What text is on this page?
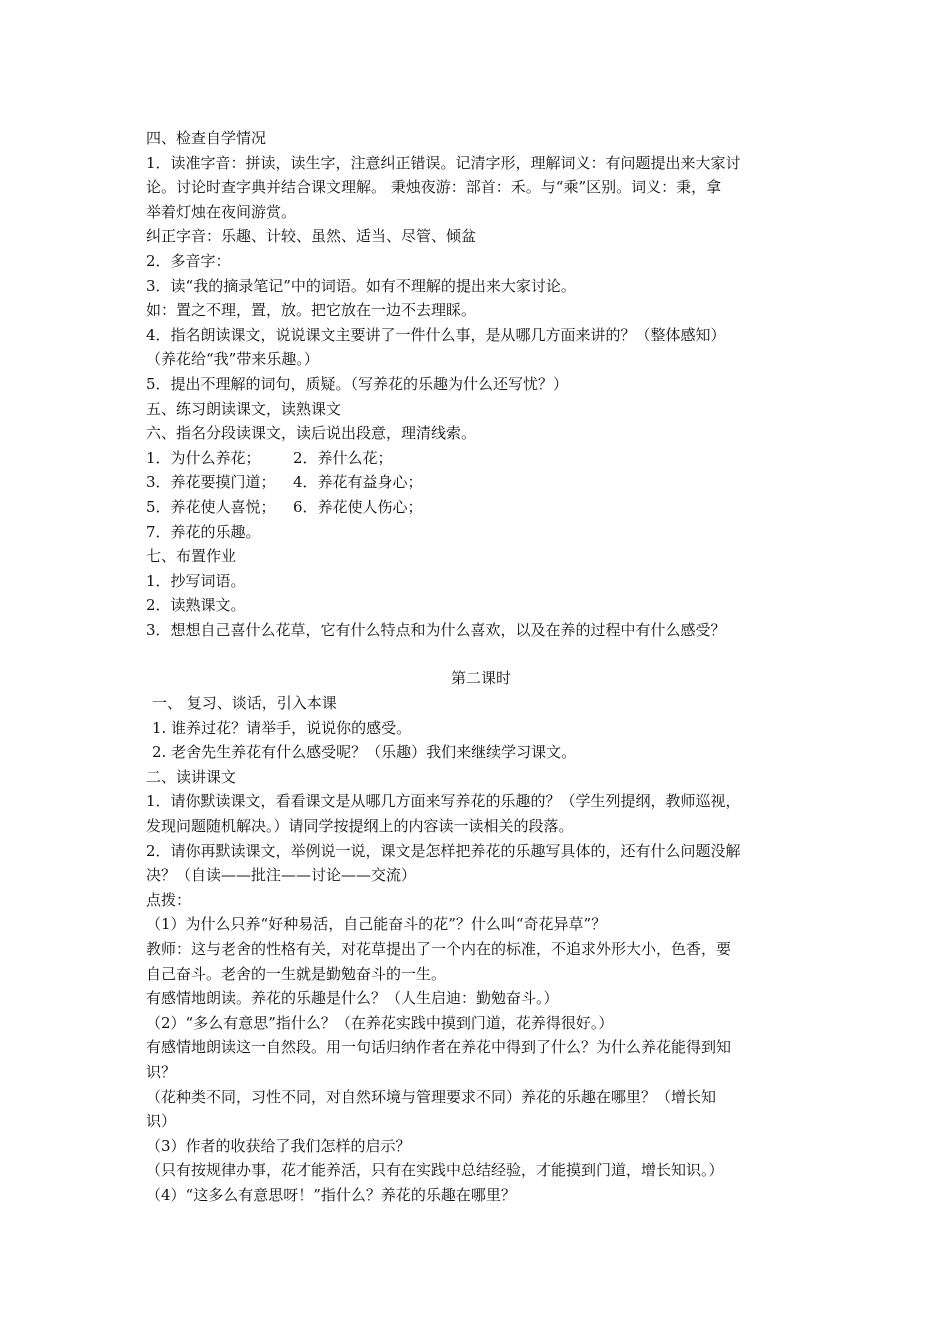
四、检查自学情况
1．读准字音：拼读，读生字，注意纠正错误。记清字形，理解词义：有问题提出来大家讨
论。讨论时查字典并结合课文理解。 秉烛夜游：部首：禾。与“乘”区别。词义：秉，拿
举着灯烛在夜间游赏。
纠正字音：乐趣、计较、虽然、适当、尽管、倾盆
2．多音字：
3．读“我的摘录笔记”中的词语。如有不理解的提出来大家讨论。
如：置之不理，置，放。把它放在一边不去理睬。
4．指名朗读课文，说说课文主要讲了一件什么事，是从哪几方面来讲的？（整体感知）
（养花给“我”带来乐趣。）
5．提出不理解的词句，质疑。（写养花的乐趣为什么还写忧？）
五、练习朗读课文，读熟课文
六、指名分段读课文，读后说出段意，理清线索。
1．为什么养花； 2．养什么花；
3．养花要摸门道； 4．养花有益身心；
5．养花使人喜悦； 6．养花使人伤心；
7．养花的乐趣。
七、布置作业
1．抄写词语。
2．读熟课文。
3．想想自己喜什么花草，它有什么特点和为什么喜欢，以及在养的过程中有什么感受？
第二课时
一、 复习、谈话，引入本课
1. 谁养过花？请举手，说说你的感受。
2. 老舍先生养花有什么感受呢？（乐趣）我们来继续学习课文。
二、读讲课文
1．请你默读课文，看看课文是从哪几方面来写养花的乐趣的？（学生列提纲，教师巡视，
发现问题随机解决。）请同学按提纲上的内容读一读相关的段落。
2．请你再默读课文，举例说一说，课文是怎样把养花的乐趣写具体的，还有什么问题没解
决？（自读——批注——讨论——交流）
点拨：
（1）为什么只养“好种易活，自己能奋斗的花”？什么叫“奇花异草”？
教师：这与老舍的性格有关，对花草提出了一个内在的标准，不追求外形大小，色香，要
自己奋斗。老舍的一生就是勤勉奋斗的一生。
有感情地朗读。养花的乐趣是什么？（人生启迪：勤勉奋斗。）
（2）“多么有意思”指什么？（在养花实践中摸到门道，花养得很好。）
有感情地朗读这一自然段。用一句话归纳作者在养花中得到了什么？为什么养花能得到知
识？
（花种类不同，习性不同，对自然环境与管理要求不同）养花的乐趣在哪里？（增长知
识）
（3）作者的收获给了我们怎样的启示？
（只有按规律办事，花才能养活，只有在实践中总结经验，才能摸到门道，增长知识。）
（4）“这多么有意思呀！”指什么？养花的乐趣在哪里？
